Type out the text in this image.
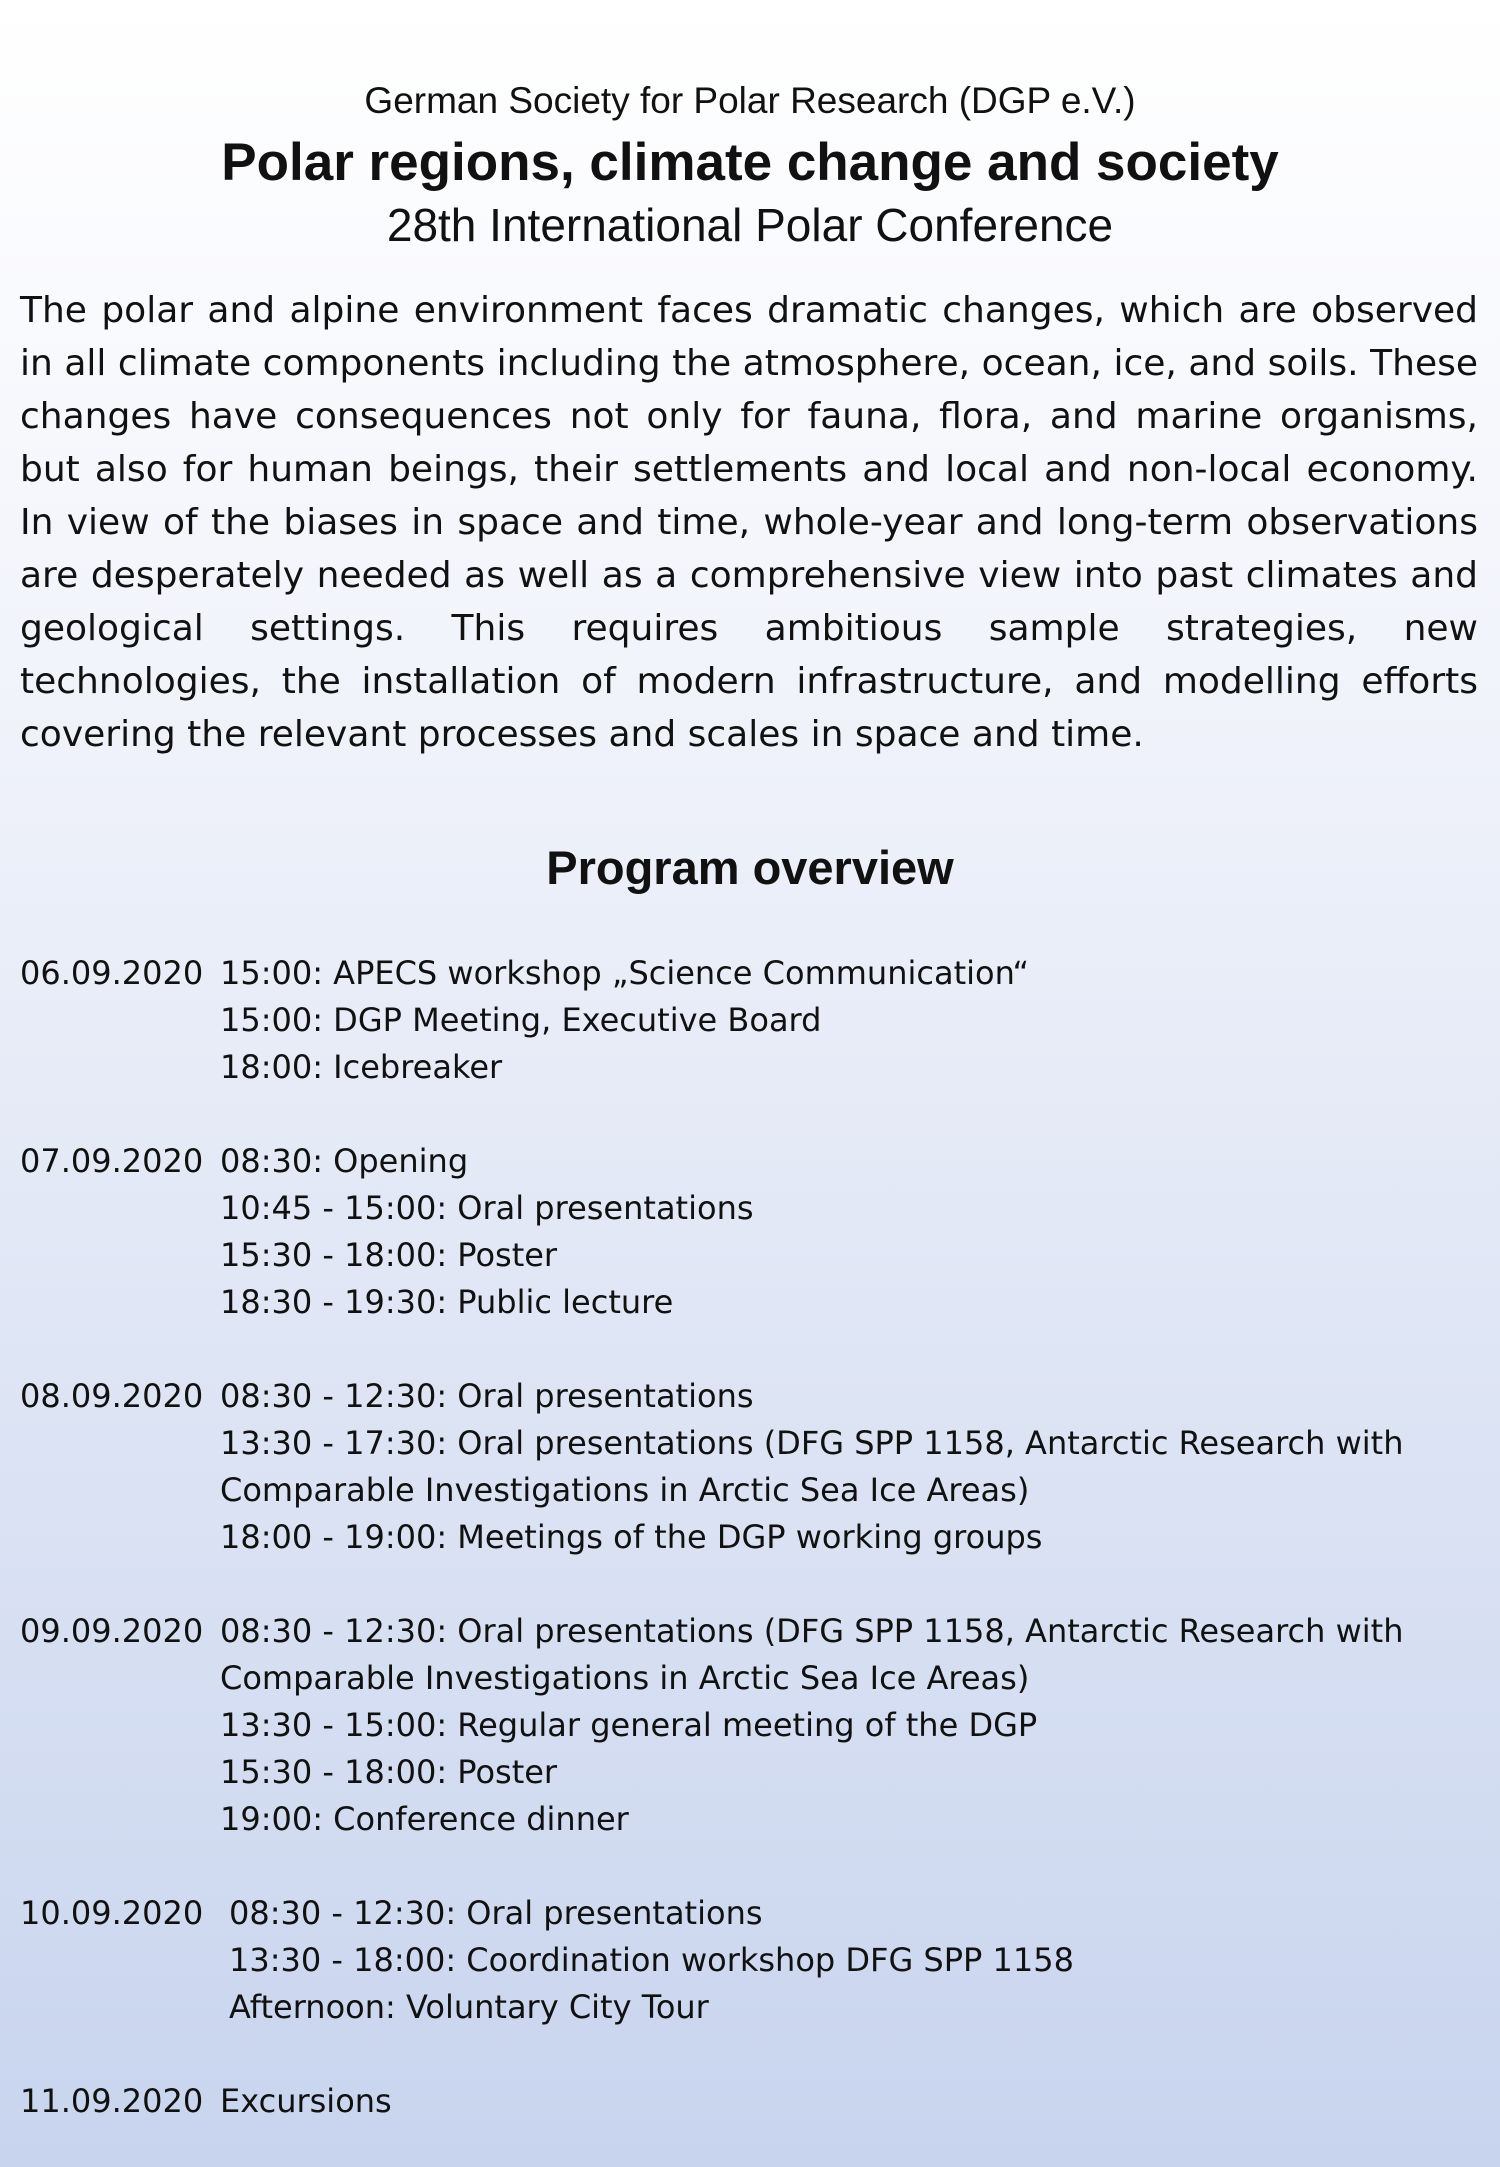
German Society for Polar Research (DGP e.V.)
Polar regions, climate change and society
28th International Polar Conference

The polar and alpine environment faces dramatic changes, which are observed in all climate components including the atmosphere, ocean, ice, and soils. These changes have consequences not only for fauna, flora, and marine organisms, but also for human beings, their settlements and local and non-local economy. In view of the biases in space and time, whole-year and long-term observations are desperately needed as well as a comprehensive view into past climates and geological settings. This requires ambitious sample strategies, new technologies, the installation of modern infrastructure, and modelling efforts covering the relevant processes and scales in space and time.

Program overview
06.09.2020 15:00: APECS workshop „Science Communication“
15:00: DGP Meeting, Executive Board
18:00: Icebreaker
07.09.2020 08:30: Opening
10:45 - 15:00: Oral presentations
15:30 - 18:00: Poster
18:30 - 19:30: Public lecture
08.09.2020 08:30 - 12:30: Oral presentations
13:30 - 17:30: Oral presentations (DFG SPP 1158, Antarctic Research with Comparable Investigations in Arctic Sea Ice Areas)
18:00 - 19:00: Meetings of the DGP working groups
09.09.2020 08:30 - 12:30: Oral presentations (DFG SPP 1158, Antarctic Research with Comparable Investigations in Arctic Sea Ice Areas)
13:30 - 15:00: Regular general meeting of the DGP
15:30 - 18:00: Poster
19:00: Conference dinner
10.09.2020 08:30 - 12:30: Oral presentations
13:30 - 18:00: Coordination workshop DFG SPP 1158
Afternoon: Voluntary City Tour
11.09.2020 Excursions
